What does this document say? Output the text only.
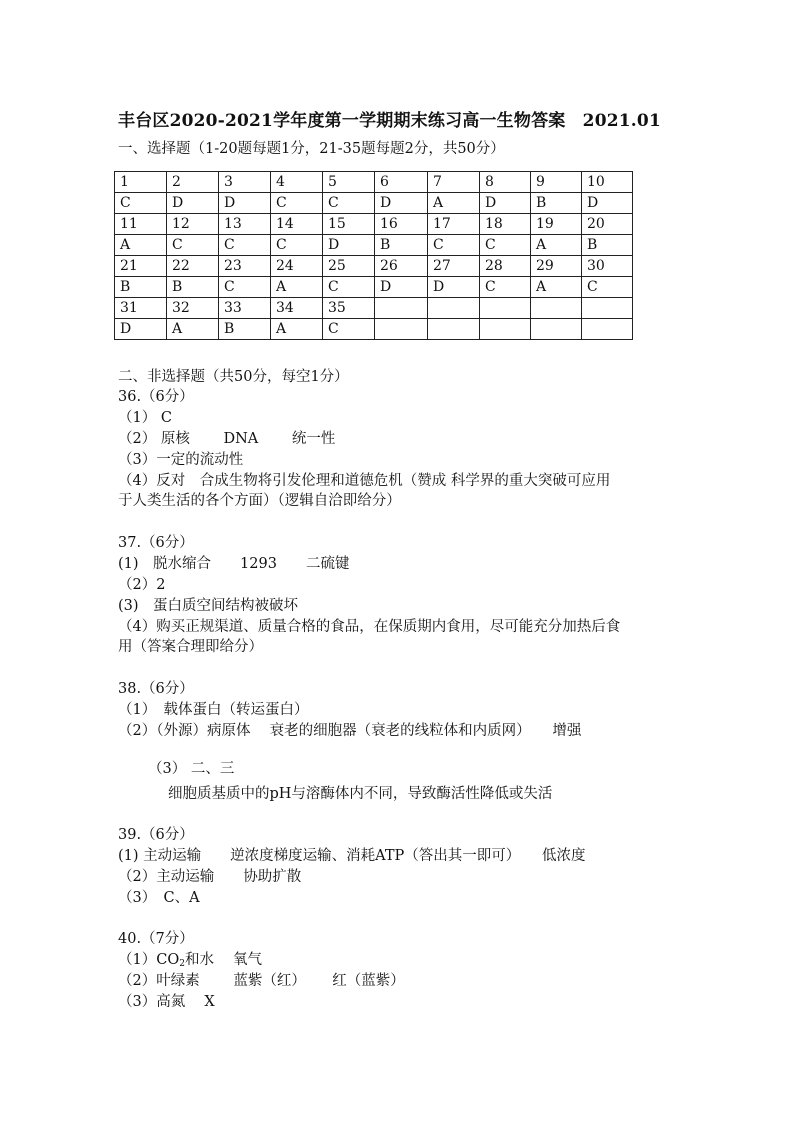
丰台区2020-2021学年度第一学期期末练习高一生物答案　2021.01
一、选择题（1-20题每题1分，21-35题每题2分，共50分）
1	2	3	4	5	6	7	8	9	10
C	D	D	C	C	D	A	D	B	D
11	12	13	14	15	16	17	18	19	20
A	C	C	C	D	B	C	C	A	B
21	22	23	24	25	26	27	28	29	30
B	B	C	A	C	D	D	C	A	C
31	32	33	34	35					
D	A	B	A	C					
二、非选择题（共50分，每空1分）
36.（6分）
（1） C
（2） 原核　　 DNA　　 统一性
（3）一定的流动性
（4）反对　合成生物将引发伦理和道德危机（赞成 科学界的重大突破可应用
于人类生活的各个方面）（逻辑自洽即给分）
37.（6分）
(1)　脱水缩合　　1293　　二硫键
（2）2
(3)　蛋白质空间结构被破坏
（4）购买正规渠道、质量合格的食品，在保质期内食用，尽可能充分加热后食
用（答案合理即给分）
38.（6分）
（1）　载体蛋白（转运蛋白）
（2）（外源）病原体　 衰老的细胞器（衰老的线粒体和内质网）　　增强
（3） 二、三
细胞质基质中的pH与溶酶体内不同，导致酶活性降低或失活
39.（6分）
(1) 主动运输　　逆浓度梯度运输、消耗ATP（答出其一即可）　　低浓度
（2）主动运输　　协助扩散
（3）　C、A
40.（7分）
$(1)CO_2$和水　 氧气
（2）叶绿素　　 蓝紫（红）　　 红（蓝紫）
（3）高氮　 X
